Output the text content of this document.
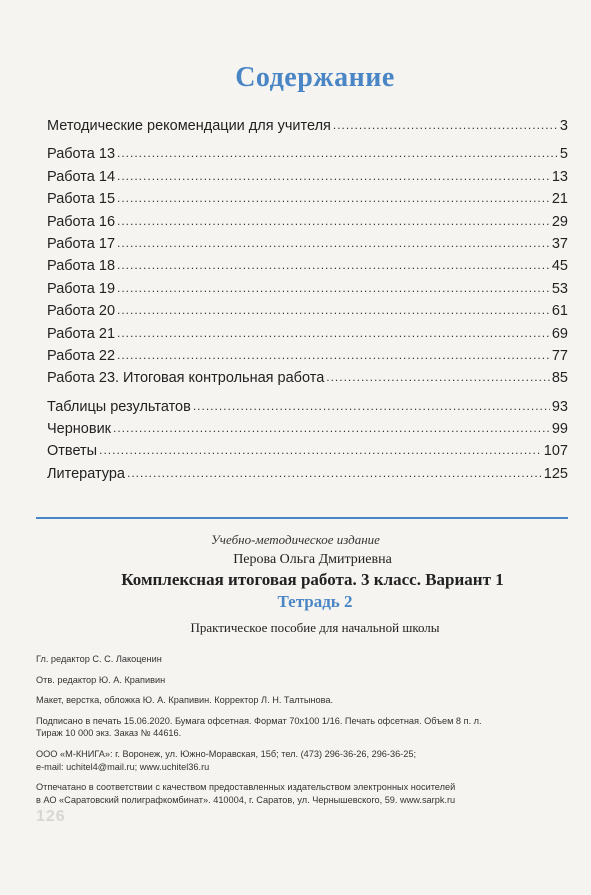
Содержание
Методические рекомендации для учителя .....	3
Работа 13 .....	5
Работа 14 .....	13
Работа 15 .....	21
Работа 16 .....	29
Работа 17 .....	37
Работа 18 .....	45
Работа 19 .....	53
Работа 20 .....	61
Работа 21 .....	69
Работа 22 .....	77
Работа 23. Итоговая контрольная работа .....	85
Таблицы результатов .....	93
Черновик .....	99
Ответы .....	107
Литература .....	125
Учебно-методическое издание
Перова Ольга Дмитриевна
Комплексная итоговая работа. 3 класс. Вариант 1
Тетрадь 2
Практическое пособие для начальной школы
Гл. редактор С. С. Лакоценин
Отв. редактор Ю. А. Крапивин
Макет, верстка, обложка Ю. А. Крапивин. Корректор Л. Н. Талтынова.
Подписано в печать 15.06.2020. Бумага офсетная. Формат 70х100 1/16. Печать офсетная. Объем 8 п. л.
Тираж 10 000 экз. Заказ № 44616.
ООО «М-КНИГА»: г. Воронеж, ул. Южно-Моравская, 15б; тел. (473) 296-36-26, 296-36-25;
e-mail: uchitel4@mail.ru; www.uchitel36.ru
Отпечатано в соответствии с качеством предоставленных издательством электронных носителей
в АО «Саратовский полиграфкомбинат». 410004, г. Саратов, ул. Чернышевского, 59. www.sarpk.ru
126
